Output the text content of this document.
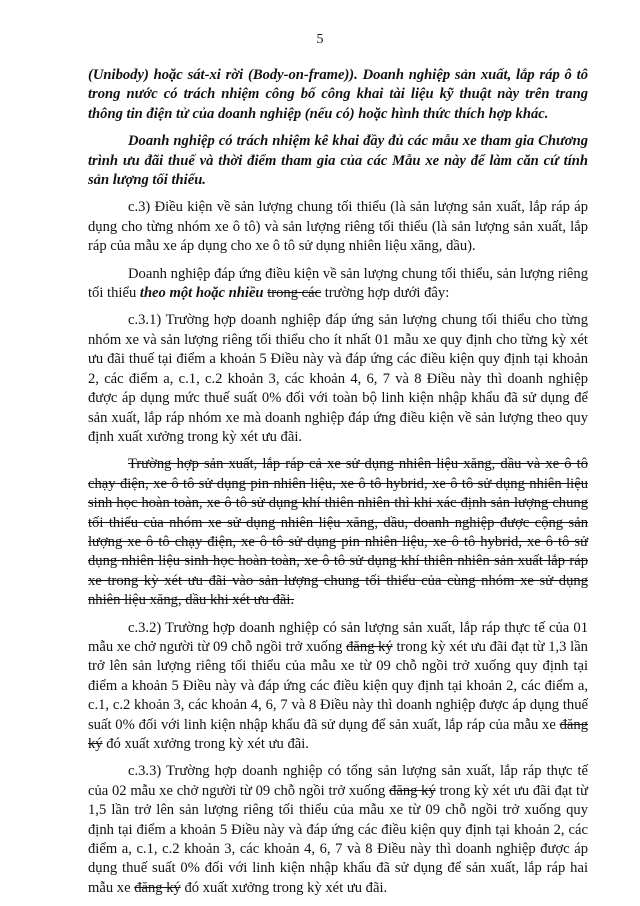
5

(Unibody) hoặc sát-xi rời (Body-on-frame)). Doanh nghiệp sản xuất, lắp ráp ô tô trong nước có trách nhiệm công bố công khai tài liệu kỹ thuật này trên trang thông tin điện tử của doanh nghiệp (nếu có) hoặc hình thức thích hợp khác.

Doanh nghiệp có trách nhiệm kê khai đầy đủ các mẫu xe tham gia Chương trình ưu đãi thuế và thời điểm tham gia của các Mẫu xe này để làm căn cứ tính sản lượng tối thiểu.

c.3) Điều kiện về sản lượng chung tối thiểu (là sản lượng sản xuất, lắp ráp áp dụng cho từng nhóm xe ô tô) và sản lượng riêng tối thiểu (là sản lượng sản xuất, lắp ráp của mẫu xe áp dụng cho xe ô tô sử dụng nhiên liệu xăng, dầu).

Doanh nghiệp đáp ứng điều kiện về sản lượng chung tối thiểu, sản lượng riêng tối thiểu theo một hoặc nhiều trong các trường hợp dưới đây:

c.3.1) Trường hợp doanh nghiệp đáp ứng sản lượng chung tối thiểu cho từng nhóm xe và sản lượng riêng tối thiểu cho ít nhất 01 mẫu xe quy định cho từng kỳ xét ưu đãi thuế tại điểm a khoản 5 Điều này và đáp ứng các điều kiện quy định tại khoản 2, các điểm a, c.1, c.2 khoản 3, các khoản 4, 6, 7 và 8 Điều này thì doanh nghiệp được áp dụng mức thuế suất 0% đối với toàn bộ linh kiện nhập khẩu đã sử dụng để sản xuất, lắp ráp nhóm xe mà doanh nghiệp đáp ứng điều kiện về sản lượng theo quy định xuất xưởng trong kỳ xét ưu đãi.

Trường hợp sản xuất, lắp ráp cả xe sử dụng nhiên liệu xăng, dầu và xe ô tô chạy điện, xe ô tô sử dụng pin nhiên liệu, xe ô tô hybrid, xe ô tô sử dụng nhiên liệu sinh học hoàn toàn, xe ô tô sử dụng khí thiên nhiên thì khi xác định sản lượng chung tối thiểu của nhóm xe sử dụng nhiên liệu xăng, dầu, doanh nghiệp được cộng sản lượng xe ô tô chạy điện, xe ô tô sử dụng pin nhiên liệu, xe ô tô hybrid, xe ô tô sử dụng nhiên liệu sinh học hoàn toàn, xe ô tô sử dụng khí thiên nhiên sản xuất lắp ráp xe trong kỳ xét ưu đãi vào sản lượng chung tối thiểu của cùng nhóm xe sử dụng nhiên liệu xăng, dầu khi xét ưu đãi.

c.3.2) Trường hợp doanh nghiệp có sản lượng sản xuất, lắp ráp thực tế của 01 mẫu xe chở người từ 09 chỗ ngồi trở xuống đăng ký trong kỳ xét ưu đãi đạt từ 1,3 lần trở lên sản lượng riêng tối thiểu của mẫu xe từ 09 chỗ ngồi trở xuống quy định tại điểm a khoản 5 Điều này và đáp ứng các điều kiện quy định tại khoản 2, các điểm a, c.1, c.2 khoản 3, các khoản 4, 6, 7 và 8 Điều này thì doanh nghiệp được áp dụng thuế suất 0% đối với linh kiện nhập khẩu đã sử dụng để sản xuất, lắp ráp của mẫu xe đăng ký đó xuất xưởng trong kỳ xét ưu đãi.

c.3.3) Trường hợp doanh nghiệp có tổng sản lượng sản xuất, lắp ráp thực tế của 02 mẫu xe chở người từ 09 chỗ ngồi trở xuống đăng ký trong kỳ xét ưu đãi đạt từ 1,5 lần trở lên sản lượng riêng tối thiểu của mẫu xe từ 09 chỗ ngồi trở xuống quy định tại điểm a khoản 5 Điều này và đáp ứng các điều kiện quy định tại khoản 2, các điểm a, c.1, c.2 khoản 3, các khoản 4, 6, 7 và 8 Điều này thì doanh nghiệp được áp dụng thuế suất 0% đối với linh kiện nhập khẩu đã sử dụng để sản xuất, lắp ráp hai mẫu xe đăng ký đó xuất xưởng trong kỳ xét ưu đãi.
